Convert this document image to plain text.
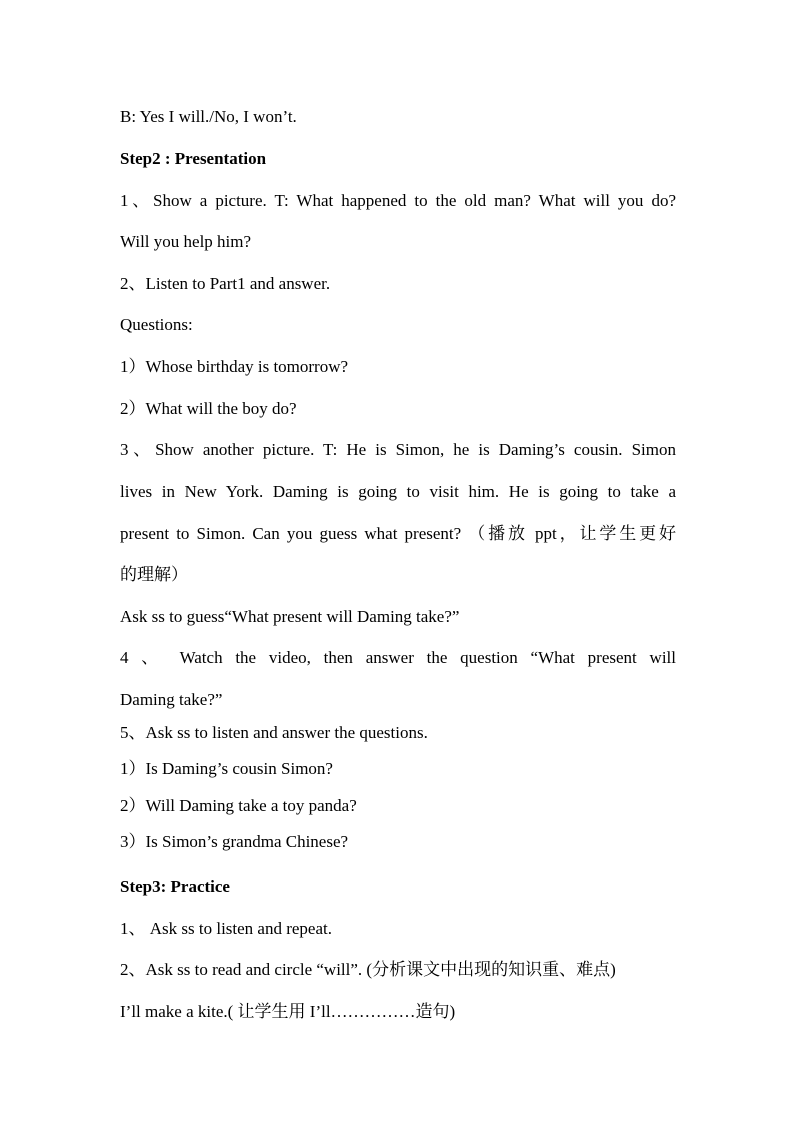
B: Yes I will./No, I won’t.
Step2 : Presentation
1、Show a picture. T: What happened to the old man? What will you do?
Will you help him?
2、Listen to Part1 and answer.
Questions:
1）Whose birthday is tomorrow?
2）What will the boy do?
3、Show another picture. T: He is Simon, he is Daming’s cousin. Simon
lives in New York. Daming is going to visit him. He is going to take a
present to Simon. Can you guess what present? （播放 ppt，让学生更好
的理解）
Ask ss to guess“What present will Daming take?”
4 、 Watch the video, then answer the question “What present will
Daming take?”
5、Ask ss to listen and answer the questions.
1）Is Daming’s cousin Simon?
2）Will Daming take a toy panda?
3）Is Simon’s grandma Chinese?
Step3: Practice
1、 Ask ss to listen and repeat.
2、Ask ss to read and circle “will”. (分析课文中出现的知识重、难点)
I’ll make a kite.( 让学生用 I’ll……………造句)
